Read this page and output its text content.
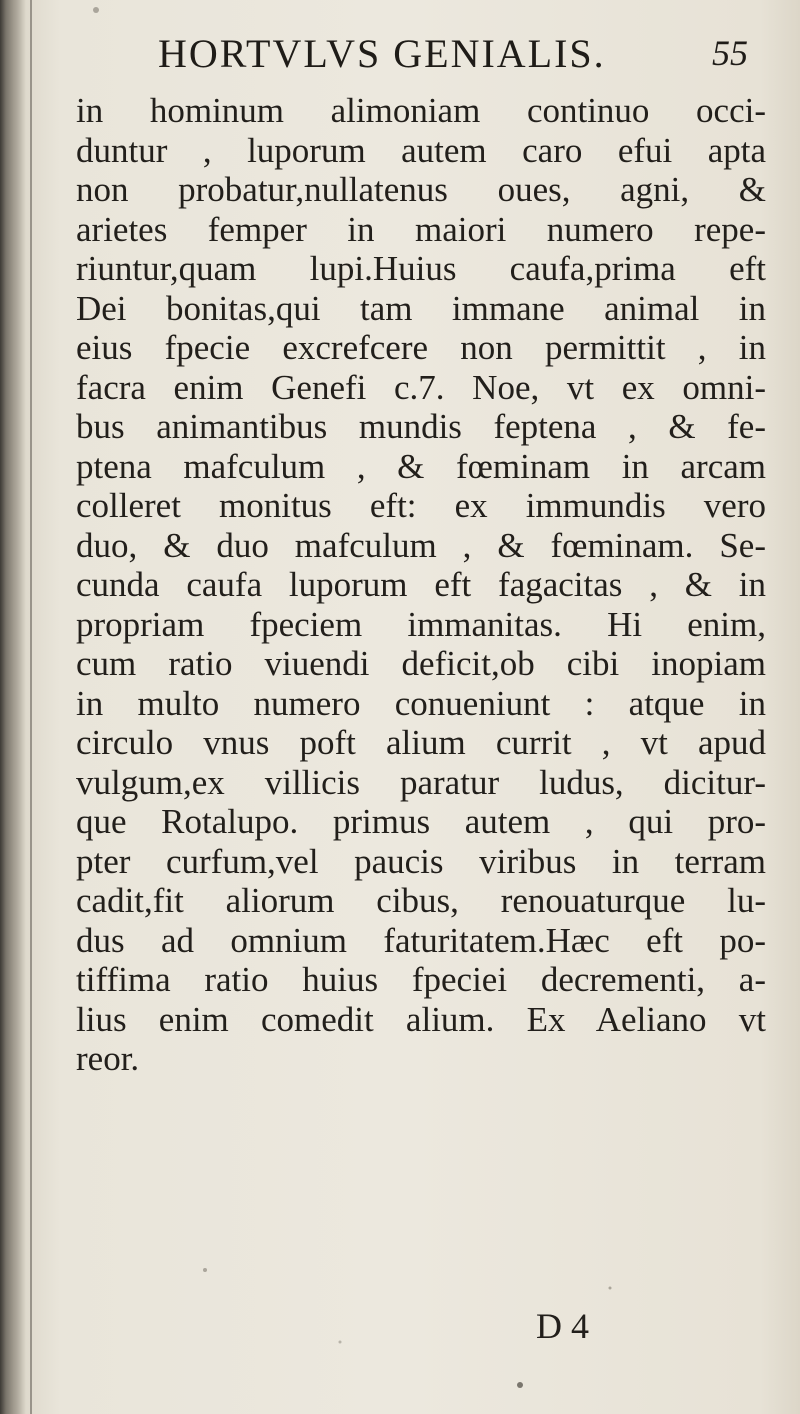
HORTVLVS GENIALIS.	55
in hominum alimoniam continuo occi-
duntur , luporum autem caro efui apta
non probatur,nullatenus oues, agni, &
arietes femper in maiori numero repe-
riuntur,quam lupi.Huius caufa,prima eft
Dei bonitas,qui tam immane animal in
eius fpecie excrefcere non permittit , in
facra enim Genefi c.7. Noe, vt ex omni-
bus animantibus mundis feptena , & fe-
ptena mafculum , & fœminam in arcam
colleret monitus eft: ex immundis vero
duo, & duo mafculum , & fœminam. Se-
cunda caufa luporum eft fagacitas , & in
propriam fpeciem immanitas. Hi enim,
cum ratio viuendi deficit,ob cibi inopiam
in multo numero conueniunt : atque in
circulo vnus poft alium currit , vt apud
vulgum,ex villicis paratur ludus, dicitur-
que Rotalupo. primus autem , qui pro-
pter curfum,vel paucis viribus in terram
cadit,fit aliorum cibus, renouaturque lu-
dus ad omnium faturitatem.Hæc eft po-
tiffima ratio huius fpeciei decrementi, a-
lius enim comedit alium. Ex Aeliano vt
reor.
D 4
